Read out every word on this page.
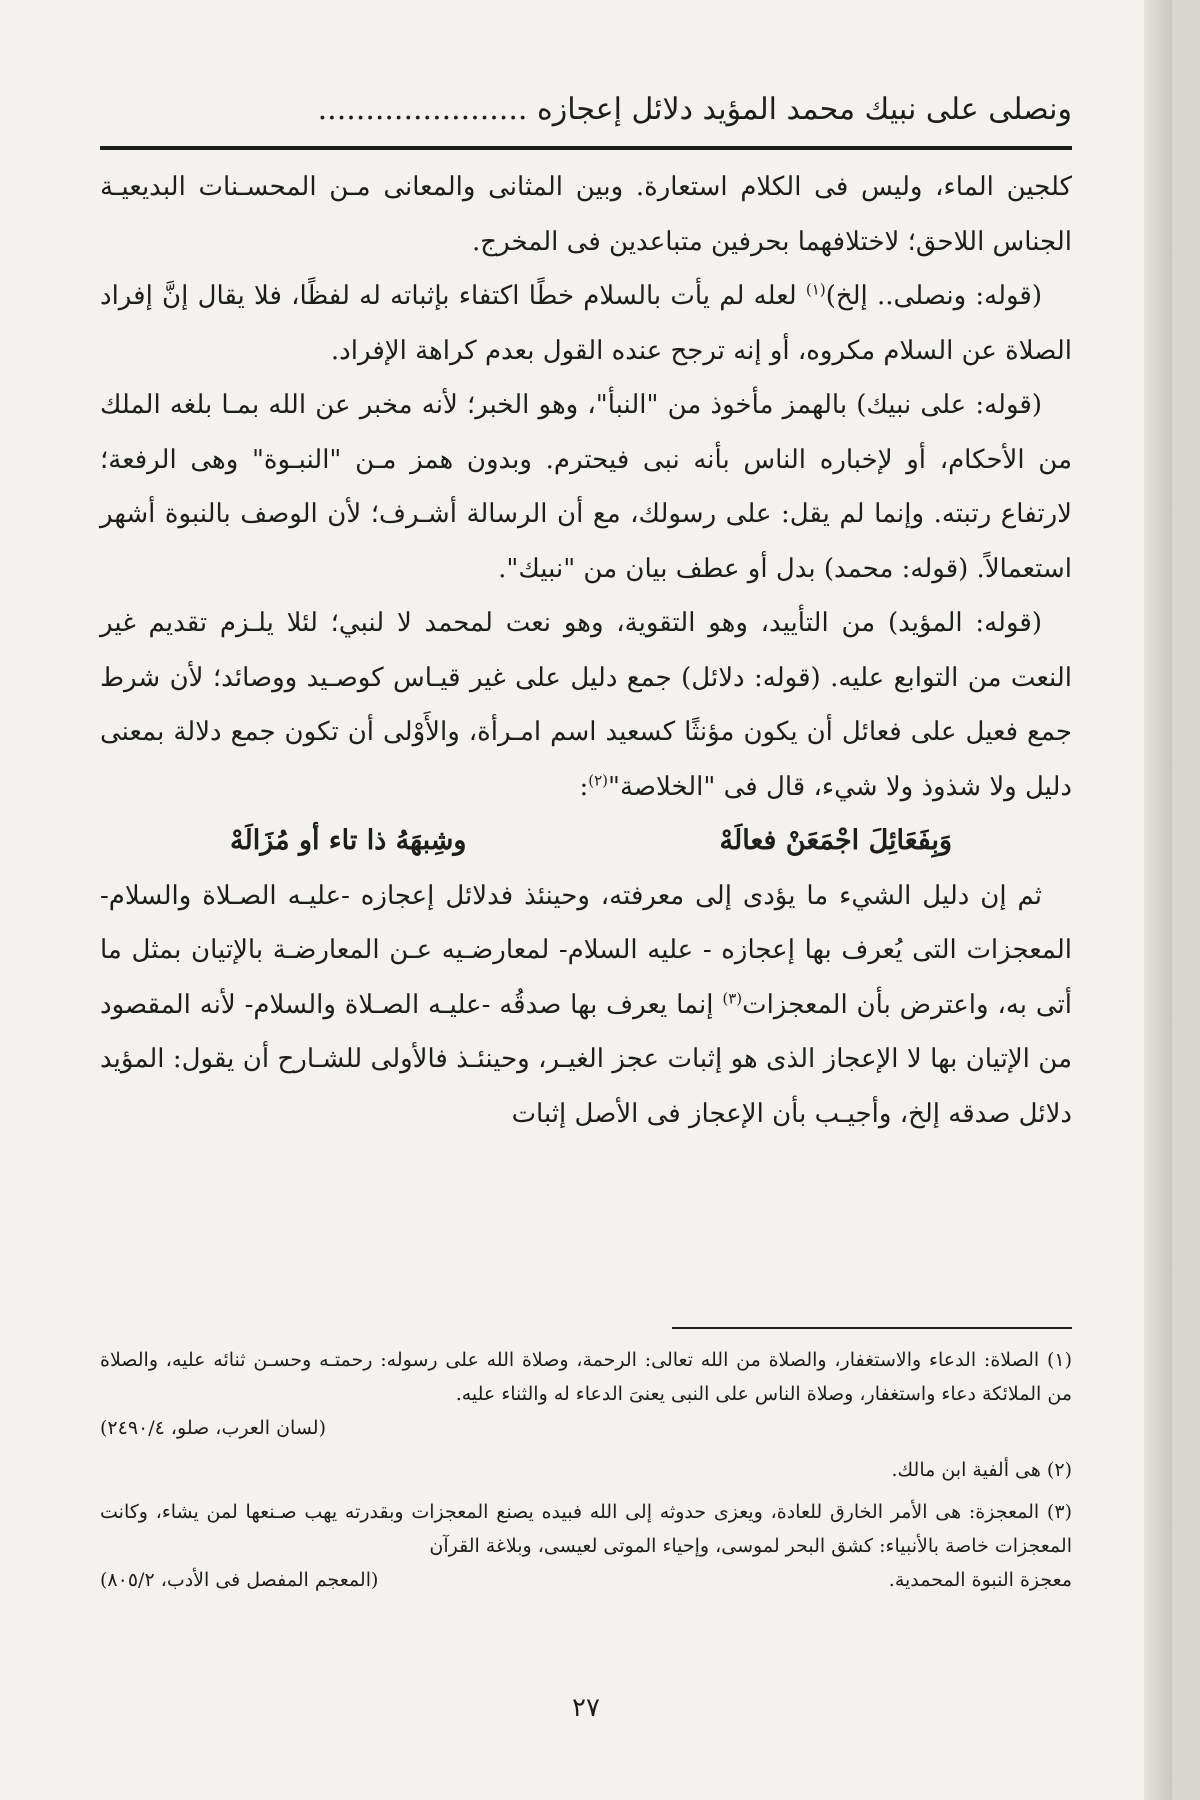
ونصلى على نبيك محمد المؤيد دلائل إعجازه ......................

كلجين الماء، وليس فى الكلام استعارة. وبين المثانى والمعانى مـن المحسـنات البديعيـة الجناس اللاحق؛ لاختلافهما بحرفين متباعدين فى المخرج.

(قوله: ونصلى.. إلخ)$^{(١)}$ لعله لم يأت بالسلام خطًا اكتفاء بإثباته له لفظًا، فلا يقال إنَّ إفراد الصلاة عن السلام مكروه، أو إنه ترجح عنده القول بعدم كراهة الإفراد.

(قوله: على نبيك) بالهمز مأخوذ من "النبأ"، وهو الخبر؛ لأنه مخبر عن الله بمـا بلغه الملك من الأحكام، أو لإخباره الناس بأنه نبى فيحترم. وبدون همز مـن "النبـوة" وهى الرفعة؛ لارتفاع رتبته. وإنما لم يقل: على رسولك، مع أن الرسالة أشـرف؛ لأن الوصف بالنبوة أشهر استعمالاً. (قوله: محمد) بدل أو عطف بيان من "نبيك".

(قوله: المؤيد) من التأييد، وهو التقوية، وهو نعت لمحمد لا لنبي؛ لئلا يلـزم تقديم غير النعت من التوابع عليه. (قوله: دلائل) جمع دليل على غير قيـاس كوصـيد ووصائد؛ لأن شرط جمع فعيل على فعائل أن يكون مؤنثًا كسعيد اسم امـرأة، والأَوْلى أن تكون جمع دلالة بمعنى دليل ولا شذوذ ولا شيء، قال فى "الخلاصة"$^{(٢)}$:

وَبِفَعَائِلَ اجْمَعَنْ فعالَهْ
وشِبهَهُ ذا تاء أو مُزَالَهْ

ثم إن دليل الشيء ما يؤدى إلى معرفته، وحينئذ فدلائل إعجازه -عليـه الصـلاة والسلام- المعجزات التى يُعرف بها إعجازه - عليه السلام- لمعارضـيه عـن المعارضـة بالإتيان بمثل ما أتى به، واعترض بأن المعجزات$^{(٣)}$ إنما يعرف بها صدقُه -عليـه الصـلاة والسلام- لأنه المقصود من الإتيان بها لا الإعجاز الذى هو إثبات عجز الغيـر، وحينئـذ فالأولى للشـارح أن يقول: المؤيد دلائل صدقه إلخ، وأجيـب بأن الإعجاز فى الأصل إثبات

(١) الصلاة: الدعاء والاستغفار، والصلاة من الله تعالى: الرحمة، وصلاة الله على رسوله: رحمتـه وحسـن ثنائه عليه، والصلاة من الملائكة دعاء واستغفار، وصلاة الناس على النبى يعنىَ الدعاء له والثناء عليه.

(لسان العرب، صلو، ٢٤٩٠/٤)

(٢) هى ألفية ابن مالك.

(٣) المعجزة: هى الأمر الخارق للعادة، ويعزى حدوثه إلى الله فبيده يصنع المعجزات وبقدرته يهب صـنعها لمن يشاء، وكانت المعجزات خاصة بالأنبياء: كشق البحر لموسى، وإحياء الموتى لعيسى، وبلاغة القرآن

معجزة النبوة المحمدية.
(المعجم المفصل فى الأدب، ٨٠٥/٢)
٢٧
